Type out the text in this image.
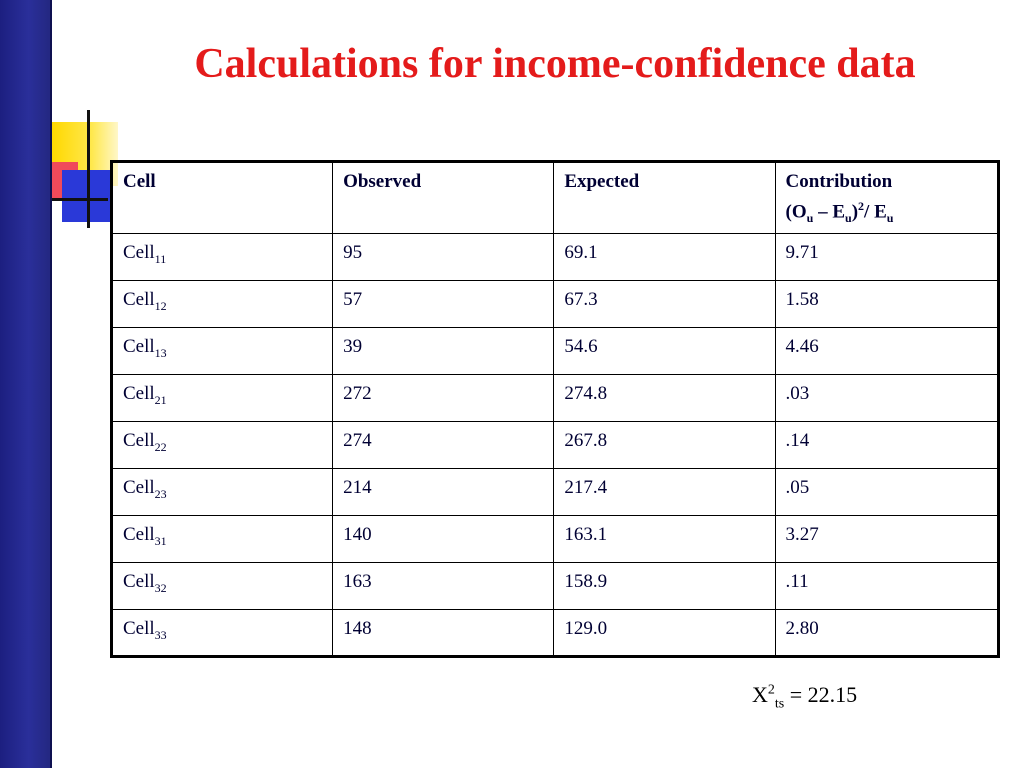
Calculations for income-confidence data
Cell	Observed	Expected	Contribution
$(O_u - E_u)^2/$ $E_u$

Cell$_{11}$	95	69.1	9.71
Cell$_{12}$	57	67.3	1.58
Cell$_{13}$	39	54.6	4.46
Cell$_{21}$	272	274.8	.03
Cell$_{22}$	274	267.8	.14
Cell$_{23}$	214	217.4	.05
Cell$_{31}$	140	163.1	3.27
Cell$_{32}$	163	158.9	.11
Cell$_{33}$	148	129.0	2.80
$X^2_{ts} = 22.15$
